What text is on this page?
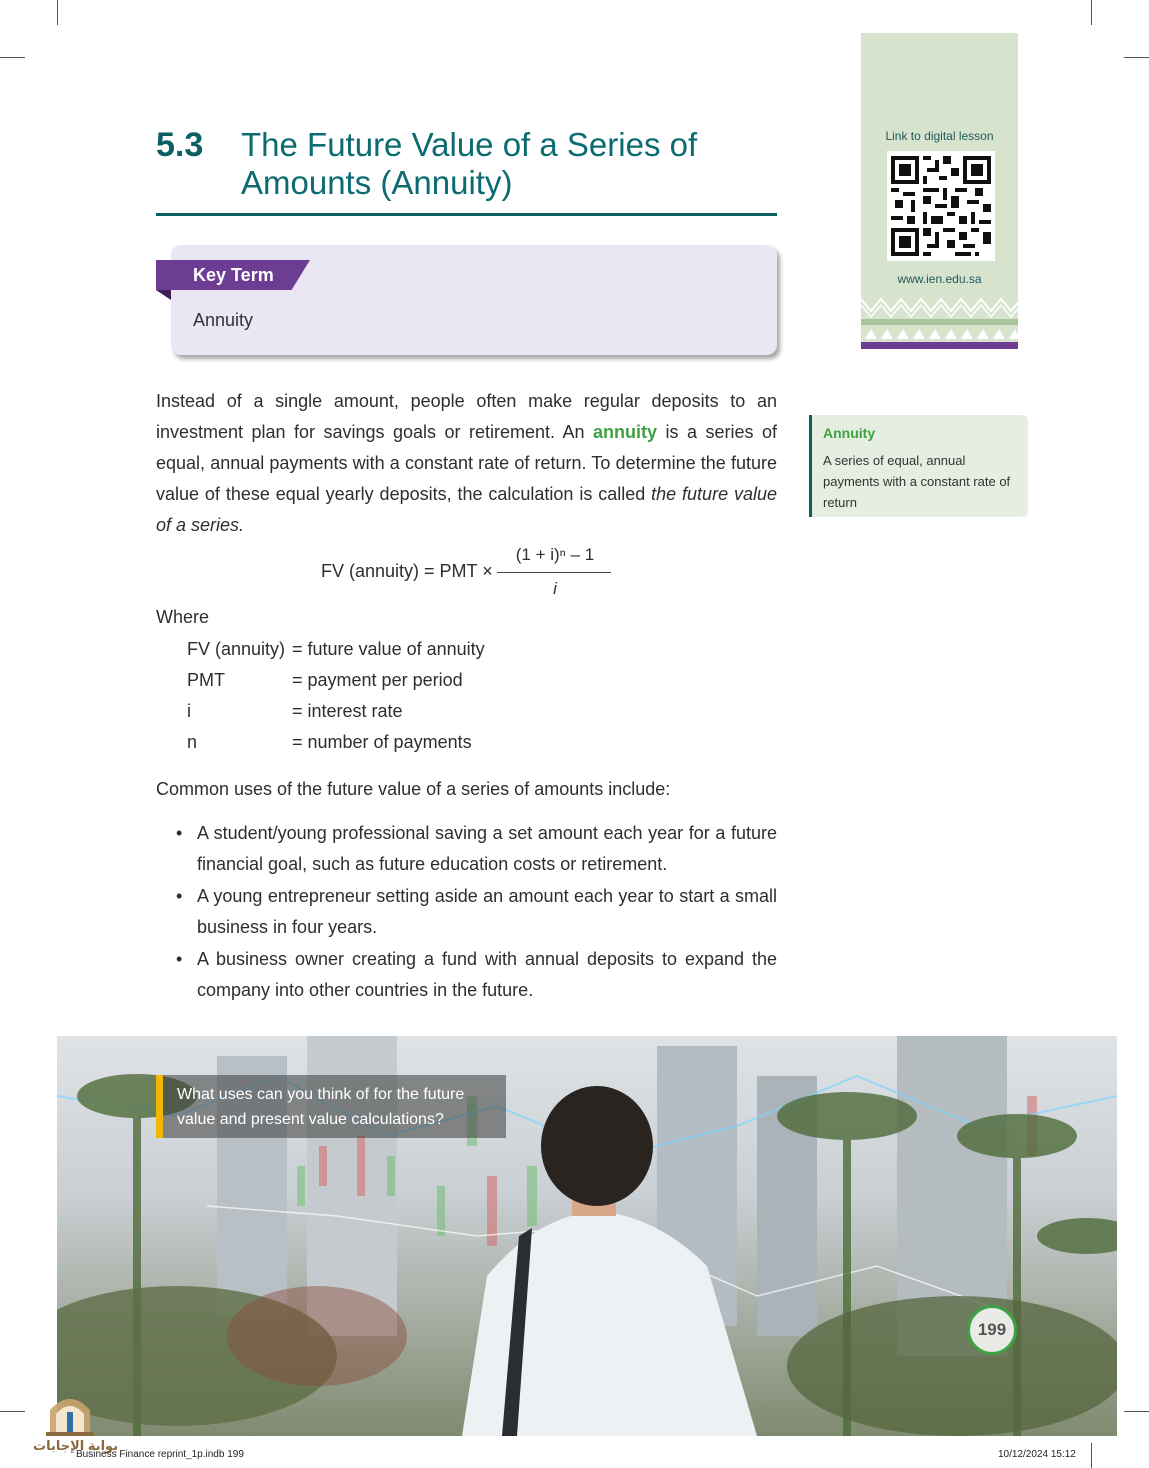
5.3 The Future Value of a Series of Amounts (Annuity)
Key Term
Annuity
Link to digital lesson
www.ien.edu.sa

Instead of a single amount, people often make regular deposits to an investment plan for savings goals or retirement. An annuity is a series of equal, annual payments with a constant rate of return. To determine the future value of these equal yearly deposits, the calculation is called the future value of a series.

FV (annuity) = PMT ×
(1 + i)ⁿ – 1
i
Where
FV (annuity) = future value of annuity
PMT	= payment per period
i	= interest rate
n	= number of payments
Common uses of the future value of a series of amounts include:
• A student/young professional saving a set amount each year for a future financial goal, such as future education costs or retirement.
• A young entrepreneur setting aside an amount each year to start a small business in four years.
• A business owner creating a fund with annual deposits to expand the company into other countries in the future.
Annuity
A series of equal, annual payments with a constant rate of return
What uses can you think of for the future value and present value calculations?
199
بوابة الإجابات
Business Finance reprint_1p.indb 199	10/12/2024 15:12
